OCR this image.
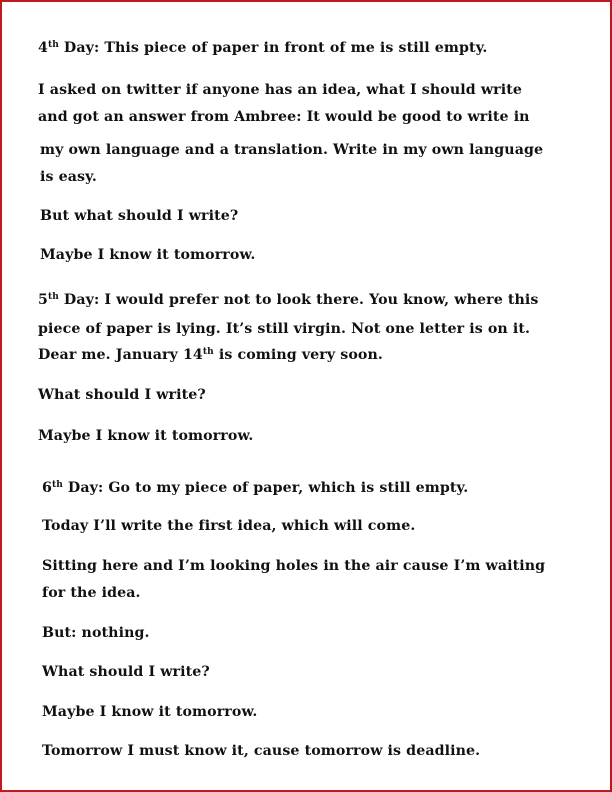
4th Day: This piece of paper in front of me is still empty.

I asked on twitter if anyone has an idea, what I should write

and got an answer from Ambree: It would be good to write in

my own language and a translation. Write in my own language

is easy.

But what should I write?

Maybe I know it tomorrow.

5th Day: I would prefer not to look there. You know, where this

piece of paper is lying. It’s still virgin. Not one letter is on it.

Dear me. January 14th is coming very soon.

What should I write?

Maybe I know it tomorrow.

6th Day: Go to my piece of paper, which is still empty.

Today I’ll write the first idea, which will come.

Sitting here and I’m looking holes in the air cause I’m waiting

for the idea.

But: nothing.

What should I write?

Maybe I know it tomorrow.

Tomorrow I must know it, cause tomorrow is deadline.
